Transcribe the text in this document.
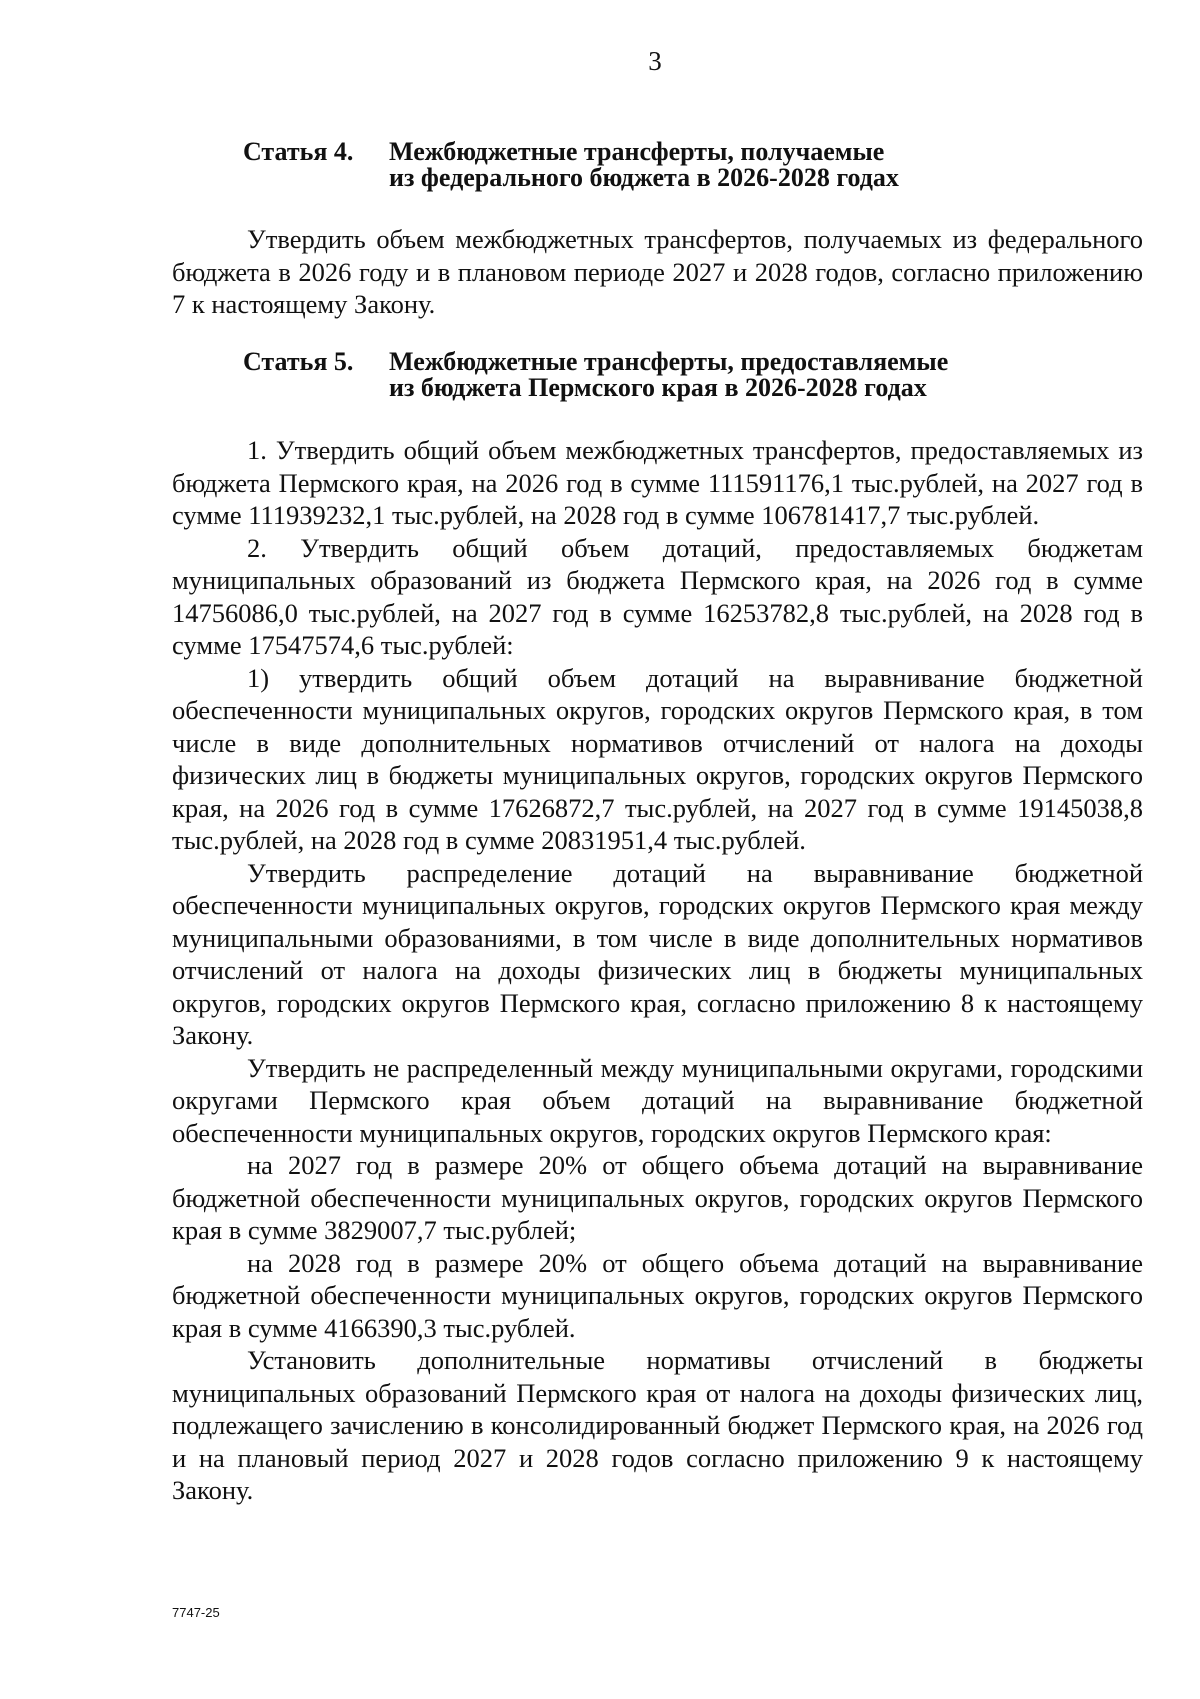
3
Статья 4. Межбюджетные трансферты, получаемые
из федерального бюджета в 2026-2028 годах

Утвердить объем межбюджетных трансфертов, получаемых из федерального бюджета в 2026 году и в плановом периоде 2027 и 2028 годов, согласно приложению 7 к настоящему Закону.

Статья 5. Межбюджетные трансферты, предоставляемые
из бюджета Пермского края в 2026-2028 годах

1. Утвердить общий объем межбюджетных трансфертов, предоставляемых из бюджета Пермского края, на 2026 год в сумме 111591176,1 тыс.рублей, на 2027 год в сумме 111939232,1 тыс.рублей, на 2028 год в сумме 106781417,7 тыс.рублей.

2. Утвердить общий объем дотаций, предоставляемых бюджетам муниципальных образований из бюджета Пермского края, на 2026 год в сумме 14756086,0 тыс.рублей, на 2027 год в сумме 16253782,8 тыс.рублей, на 2028 год в сумме 17547574,6 тыс.рублей:

1) утвердить общий объем дотаций на выравнивание бюджетной обеспеченности муниципальных округов, городских округов Пермского края, в том числе в виде дополнительных нормативов отчислений от налога на доходы физических лиц в бюджеты муниципальных округов, городских округов Пермского края, на 2026 год в сумме 17626872,7 тыс.рублей, на 2027 год в сумме 19145038,8 тыс.рублей, на 2028 год в сумме 20831951,4 тыс.рублей.

Утвердить распределение дотаций на выравнивание бюджетной обеспеченности муниципальных округов, городских округов Пермского края между муниципальными образованиями, в том числе в виде дополнительных нормативов отчислений от налога на доходы физических лиц в бюджеты муниципальных округов, городских округов Пермского края, согласно приложению 8 к настоящему Закону.

Утвердить не распределенный между муниципальными округами, городскими округами Пермского края объем дотаций на выравнивание бюджетной обеспеченности муниципальных округов, городских округов Пермского края:

на 2027 год в размере 20% от общего объема дотаций на выравнивание бюджетной обеспеченности муниципальных округов, городских округов Пермского края в сумме 3829007,7 тыс.рублей;

на 2028 год в размере 20% от общего объема дотаций на выравнивание бюджетной обеспеченности муниципальных округов, городских округов Пермского края в сумме 4166390,3 тыс.рублей.

Установить дополнительные нормативы отчислений в бюджеты муниципальных образований Пермского края от налога на доходы физических лиц, подлежащего зачислению в консолидированный бюджет Пермского края, на 2026 год и на плановый период 2027 и 2028 годов согласно приложению 9 к настоящему Закону.

7747-25
